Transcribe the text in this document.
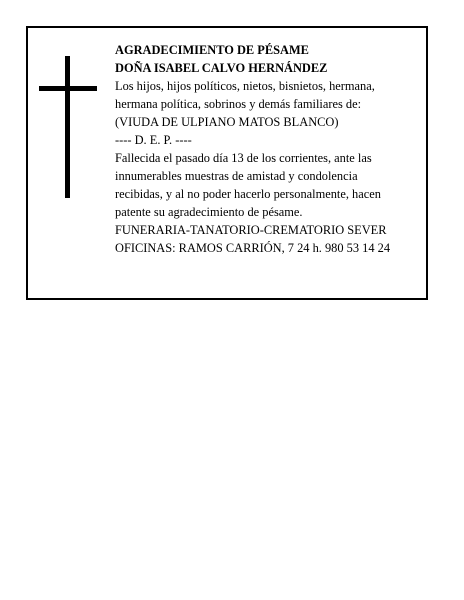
AGRADECIMIENTO DE PÉSAME
DOÑA ISABEL CALVO HERNÁNDEZ
Los hijos, hijos políticos, nietos, bisnietos, hermana,
hermana política, sobrinos y demás familiares de:
(VIUDA DE ULPIANO MATOS BLANCO)
---- D. E. P. ----
Fallecida el pasado día 13 de los corrientes, ante las
innumerables muestras de amistad y condolencia
recibidas, y al no poder hacerlo personalmente, hacen
patente su agradecimiento de pésame.
FUNERARIA-TANATORIO-CREMATORIO SEVER
OFICINAS: RAMOS CARRIÓN, 7 24 h. 980 53 14 24
